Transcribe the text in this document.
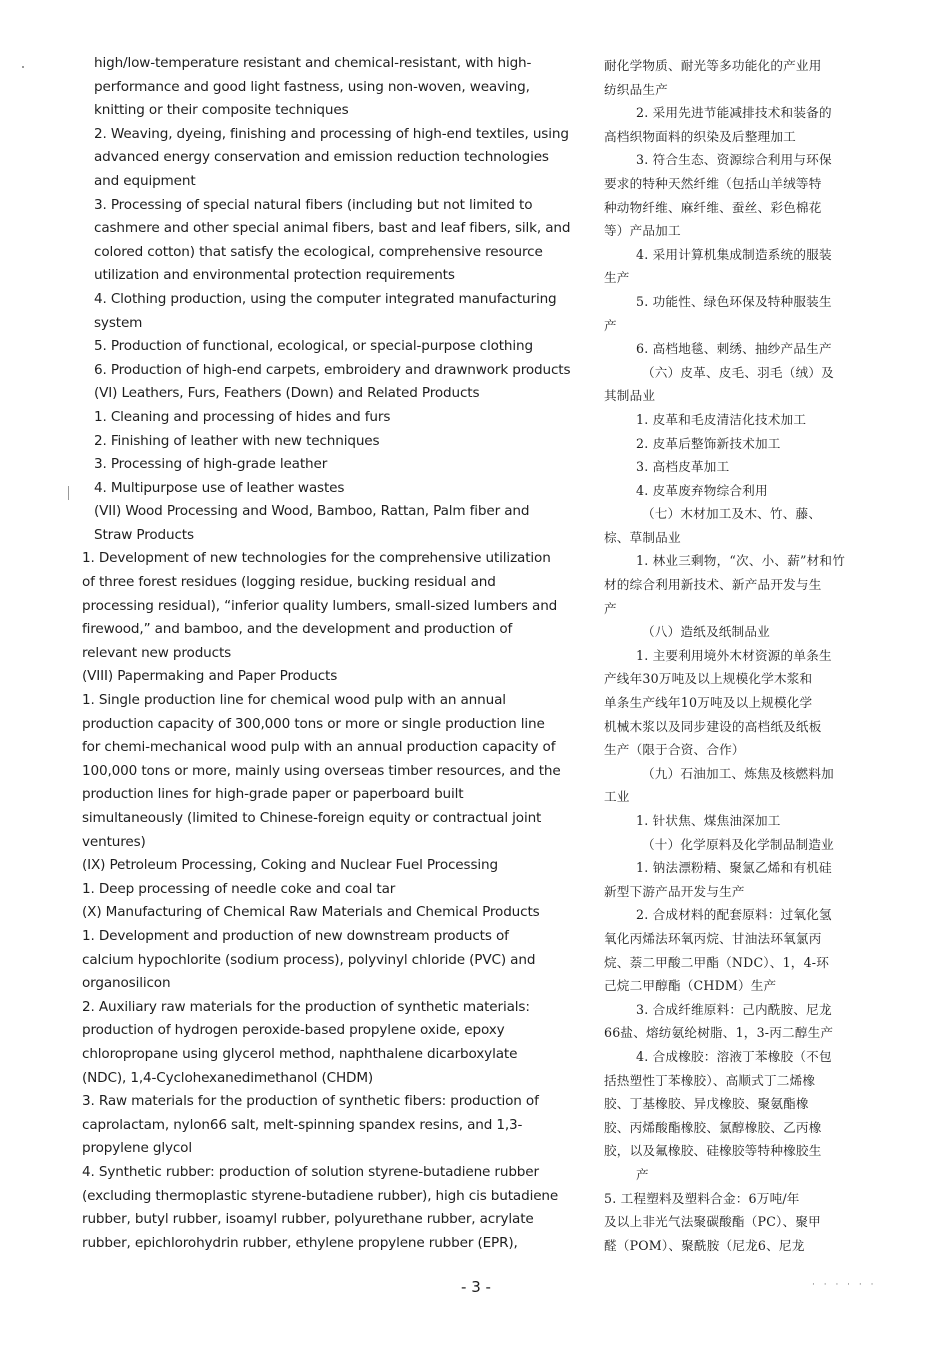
high/low-temperature resistant and chemical-resistant, with high-
performance and good light fastness, using non-woven, weaving,
knitting or their composite techniques
2. Weaving, dyeing, finishing and processing of high-end textiles, using
advanced energy conservation and emission reduction technologies
and equipment
3. Processing of special natural fibers (including but not limited to
cashmere and other special animal fibers, bast and leaf fibers, silk, and
colored cotton) that satisfy the ecological, comprehensive resource
utilization and environmental protection requirements
4. Clothing production, using the computer integrated manufacturing
system
5. Production of functional, ecological, or special-purpose clothing
6. Production of high-end carpets, embroidery and drawnwork products
(VI) Leathers, Furs, Feathers (Down) and Related Products
1. Cleaning and processing of hides and furs
2. Finishing of leather with new techniques
3. Processing of high-grade leather
4. Multipurpose use of leather wastes
(VII) Wood Processing and Wood, Bamboo, Rattan, Palm fiber and
Straw Products
1. Development of new technologies for the comprehensive utilization
of three forest residues (logging residue, bucking residual and
processing residual), “inferior quality lumbers, small-sized lumbers and
firewood,” and bamboo, and the development and production of
relevant new products
(VIII) Papermaking and Paper Products
1. Single production line for chemical wood pulp with an annual
production capacity of 300,000 tons or more or single production line
for chemi-mechanical wood pulp with an annual production capacity of
100,000 tons or more, mainly using overseas timber resources, and the
production lines for high-grade paper or paperboard built
simultaneously (limited to Chinese-foreign equity or contractual joint
ventures)
(IX) Petroleum Processing, Coking and Nuclear Fuel Processing
1. Deep processing of needle coke and coal tar
(X) Manufacturing of Chemical Raw Materials and Chemical Products
1. Development and production of new downstream products of
calcium hypochlorite (sodium process), polyvinyl chloride (PVC) and
organosilicon
2. Auxiliary raw materials for the production of synthetic materials:
production of hydrogen peroxide-based propylene oxide, epoxy
chloropropane using glycerol method, naphthalene dicarboxylate
(NDC), 1,4-Cyclohexanedimethanol (CHDM)
3. Raw materials for the production of synthetic fibers: production of
caprolactam, nylon66 salt, melt-spinning spandex resins, and 1,3-
propylene glycol
4. Synthetic rubber: production of solution styrene-butadiene rubber
(excluding thermoplastic styrene-butadiene rubber), high cis butadiene
rubber, butyl rubber, isoamyl rubber, polyurethane rubber, acrylate
rubber, epichlorohydrin rubber, ethylene propylene rubber (EPR),
耐化学物质、耐光等多功能化的产业用
纺织品生产
2. 采用先进节能减排技术和装备的
高档织物面料的织染及后整理加工
3. 符合生态、资源综合利用与环保
要求的特种天然纤维（包括山羊绒等特
种动物纤维、麻纤维、蚕丝、彩色棉花
等）产品加工
4. 采用计算机集成制造系统的服装
生产
5. 功能性、绿色环保及特种服装生
产
6. 高档地毯、刺绣、抽纱产品生产
（六）皮革、皮毛、羽毛（绒）及
其制品业
1. 皮革和毛皮清洁化技术加工
2. 皮革后整饰新技术加工
3. 高档皮革加工
4. 皮革废弃物综合利用
（七）木材加工及木、竹、藤、
棕、草制品业
1. 林业三剩物，“次、小、薪”材和竹
材的综合利用新技术、新产品开发与生
产
（八）造纸及纸制品业
1. 主要利用境外木材资源的单条生
产线年30万吨及以上规模化学木浆和
单条生产线年10万吨及以上规模化学
机械木浆以及同步建设的高档纸及纸板
生产（限于合资、合作）
（九）石油加工、炼焦及核燃料加
工业
1. 针状焦、煤焦油深加工
（十）化学原料及化学制品制造业
1. 钠法漂粉精、聚氯乙烯和有机硅
新型下游产品开发与生产
2. 合成材料的配套原料：过氧化氢
氧化丙烯法环氧丙烷、甘油法环氧氯丙
烷、萘二甲酸二甲酯（NDC）、1，4-环
己烷二甲醇酯（CHDM）生产
3. 合成纤维原料：己内酰胺、尼龙
66盐、熔纺氨纶树脂、1，3-丙二醇生产
4. 合成橡胶：溶液丁苯橡胶（不包
括热塑性丁苯橡胶）、高顺式丁二烯橡
胶、丁基橡胶、异戊橡胶、聚氨酯橡
胶、丙烯酸酯橡胶、氯醇橡胶、乙丙橡
胶，以及氟橡胶、硅橡胶等特种橡胶生
产
5. 工程塑料及塑料合金：6万吨/年
及以上非光气法聚碳酸酯（PC）、聚甲
醛（POM）、聚酰胺（尼龙6、尼龙
- 3 -	· · · · · ·
